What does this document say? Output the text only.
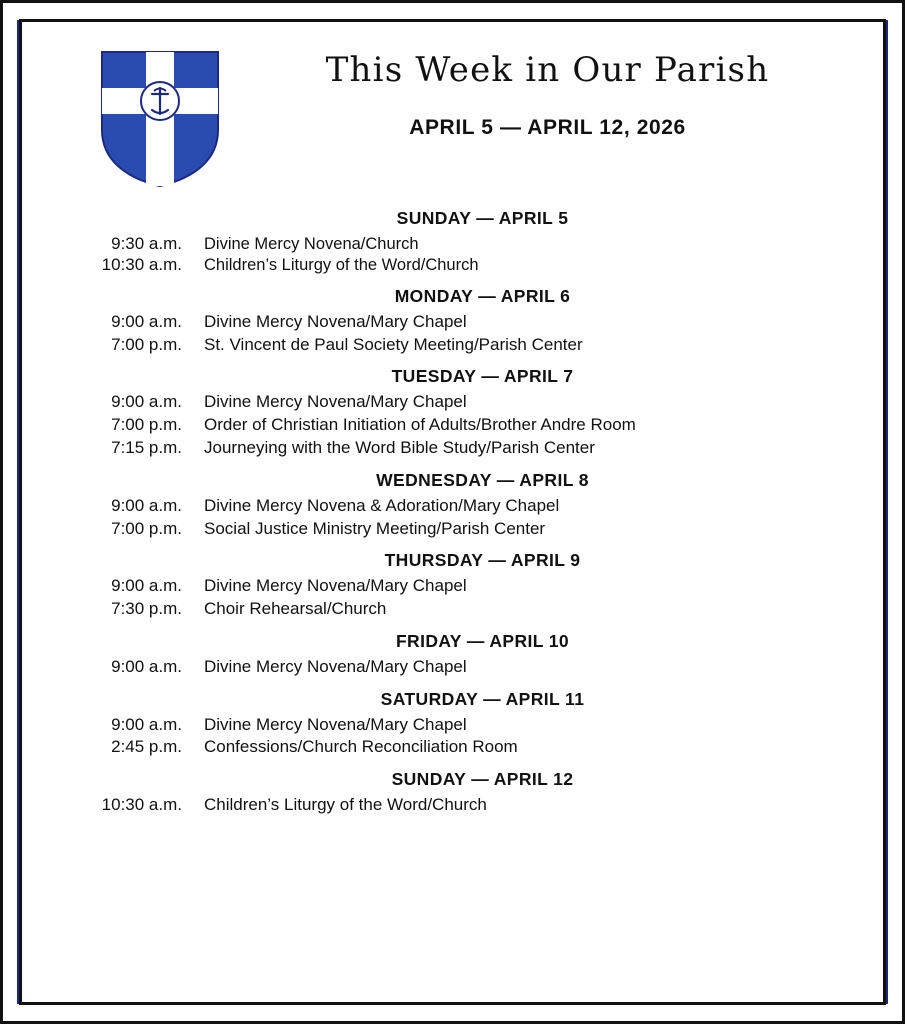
This Week in Our Parish
APRIL 5 — APRIL 12, 2026
SUNDAY — APRIL 5
9:30 a.m.	Divine Mercy Novena/Church
10:30 a.m.	Children’s Liturgy of the Word/Church
MONDAY — APRIL 6
9:00 a.m.	Divine Mercy Novena/Mary Chapel
7:00 p.m.	St. Vincent de Paul Society Meeting/Parish Center
TUESDAY — APRIL 7
9:00 a.m.	Divine Mercy Novena/Mary Chapel
7:00 p.m.	Order of Christian Initiation of Adults/Brother Andre Room
7:15 p.m.	Journeying with the Word Bible Study/Parish Center
WEDNESDAY — APRIL 8
9:00 a.m.	Divine Mercy Novena & Adoration/Mary Chapel
7:00 p.m.	Social Justice Ministry Meeting/Parish Center
THURSDAY — APRIL 9
9:00 a.m.	Divine Mercy Novena/Mary Chapel
7:30 p.m.	Choir Rehearsal/Church
FRIDAY — APRIL 10
9:00 a.m.	Divine Mercy Novena/Mary Chapel
SATURDAY — APRIL 11
9:00 a.m.	Divine Mercy Novena/Mary Chapel
2:45 p.m.	Confessions/Church Reconciliation Room
SUNDAY — APRIL 12
10:30 a.m.	Children’s Liturgy of the Word/Church
